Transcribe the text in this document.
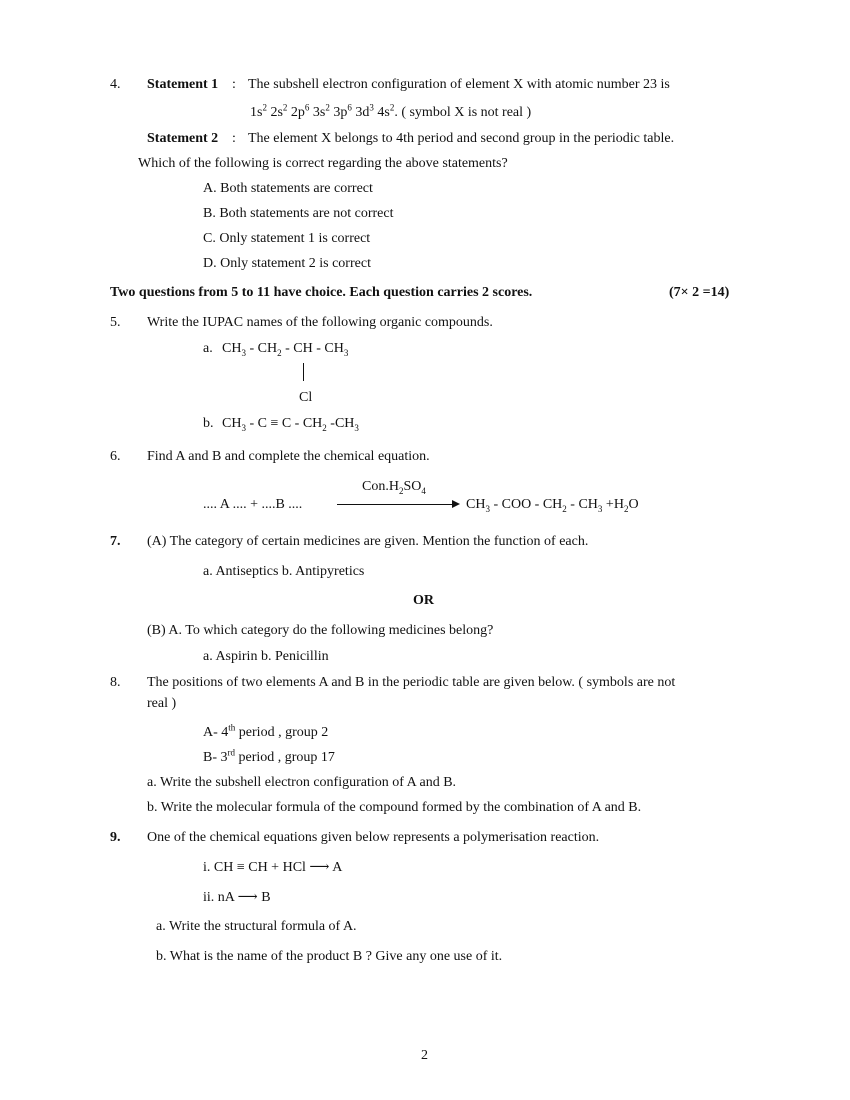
4. Statement 1 : The subshell electron configuration of element X with atomic number 23 is
$1s^2$ $2s^2$ $2p^6$ $3s^2$ $3p^6$ $3d^3$ $4s^2$. ( symbol X is not real )
Statement 2 : The element X belongs to 4th period and second group in the periodic table.
Which of the following is correct regarding the above statements?
A. Both statements are correct
B. Both statements are not correct
C. Only statement 1 is correct
D. Only statement 2 is correct
Two questions from 5 to 11 have choice. Each question carries 2 scores.	(7× 2 =14)
5. Write the IUPAC names of the following organic compounds.
a. $CH_3 - CH_2$ - CH - $CH_3$
Cl
b. $CH_3 - C \equiv C - CH_2$ $-CH_3$
6. Find A and B and complete the chemical equation.
$Con.H_2SO_4$
.... A .... + ....B ....	$CH_3$ - COO - $CH_2 - CH_3 +H_2O$
7. (A) The category of certain medicines are given. Mention the function of each.
a. Antiseptics b. Antipyretics
OR
(B) A. To which category do the following medicines belong?
a. Aspirin b. Penicillin
8. The positions of two elements A and B in the periodic table are given below. ( symbols are not
real )
A- 4th period , group 2
B- 3rd period , group 17
a. Write the subshell electron configuration of A and B.
b. Write the molecular formula of the compound formed by the combination of A and B.
9. One of the chemical equations given below represents a polymerisation reaction.
i. CH ≡ CH + HCl ⟶ A
ii. nA ⟶ B
a. Write the structural formula of A.
b. What is the name of the product B ? Give any one use of it.
2
